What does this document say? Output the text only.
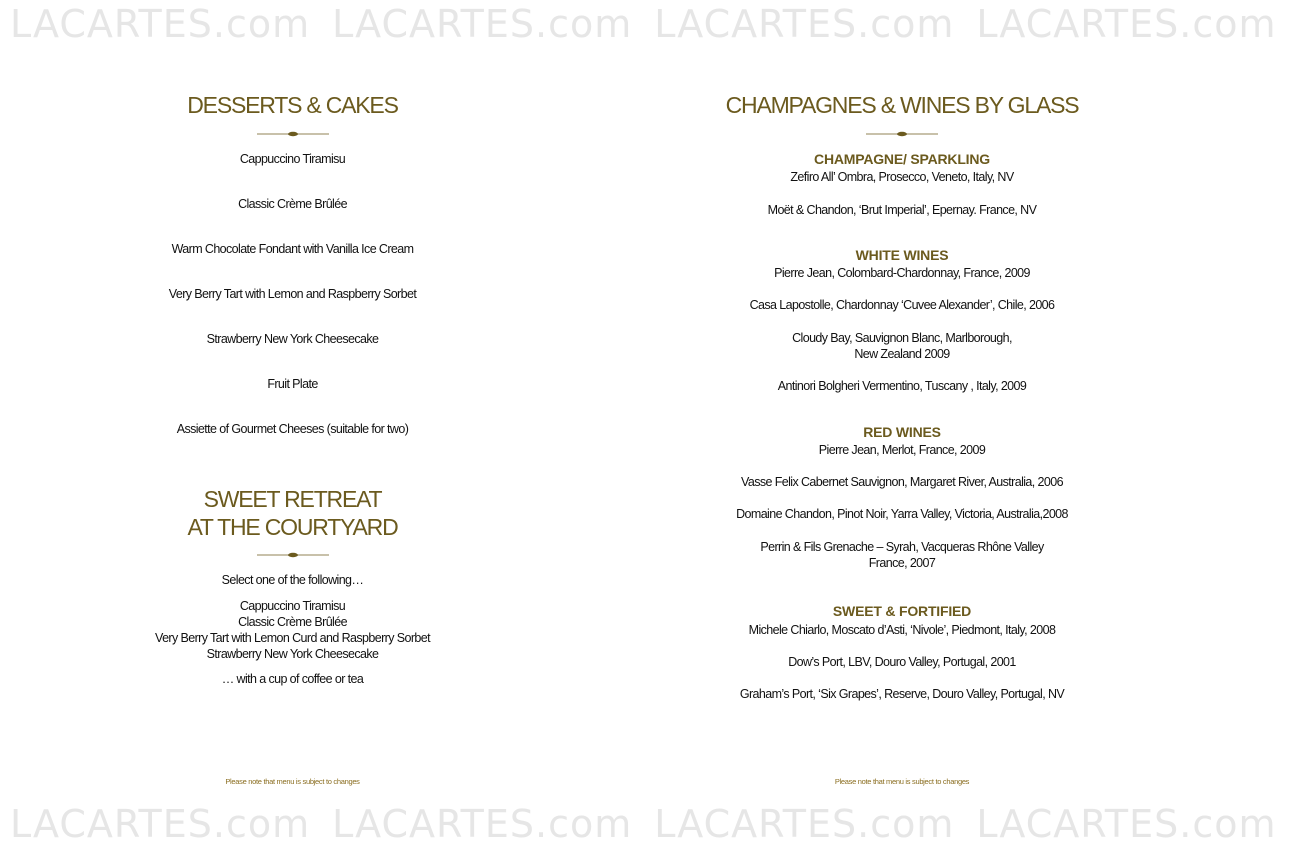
LACARTES.com LACARTES.com LACARTES.com LACARTES.com
LACARTES.com LACARTES.com LACARTES.com LACARTES.com
DESSERTS & CAKES
Cappuccino Tiramisu
Classic Crème Brûlée
Warm Chocolate Fondant with Vanilla Ice Cream
Very Berry Tart with Lemon and Raspberry Sorbet
Strawberry New York Cheesecake
Fruit Plate
Assiette of Gourmet Cheeses (suitable for two)
SWEET RETREAT
AT THE COURTYARD
Select one of the following…
Cappuccino Tiramisu
Classic Crème Brûlée
Very Berry Tart with Lemon Curd and Raspberry Sorbet
Strawberry New York Cheesecake
… with a cup of coffee or tea
Please note that menu is subject to changes
CHAMPAGNES & WINES BY GLASS
CHAMPAGNE/ SPARKLING
Zefiro All’ Ombra, Prosecco, Veneto, Italy, NV
Moët & Chandon, ‘Brut Imperial’, Epernay. France, NV
WHITE WINES
Pierre Jean, Colombard-Chardonnay, France, 2009
Casa Lapostolle, Chardonnay ‘Cuvee Alexander’, Chile, 2006
Cloudy Bay, Sauvignon Blanc, Marlborough,
New Zealand 2009
Antinori Bolgheri Vermentino, Tuscany , Italy, 2009
RED WINES
Pierre Jean, Merlot, France, 2009
Vasse Felix Cabernet Sauvignon, Margaret River, Australia, 2006
Domaine Chandon, Pinot Noir, Yarra Valley, Victoria, Australia,2008
Perrin & Fils Grenache – Syrah, Vacqueras Rhône Valley
France, 2007
SWEET & FORTIFIED
Michele Chiarlo, Moscato d’Asti, ‘Nivole’, Piedmont, Italy, 2008
Dow’s Port, LBV, Douro Valley, Portugal, 2001
Graham’s Port, ‘Six Grapes’, Reserve, Douro Valley, Portugal, NV
Please note that menu is subject to changes
